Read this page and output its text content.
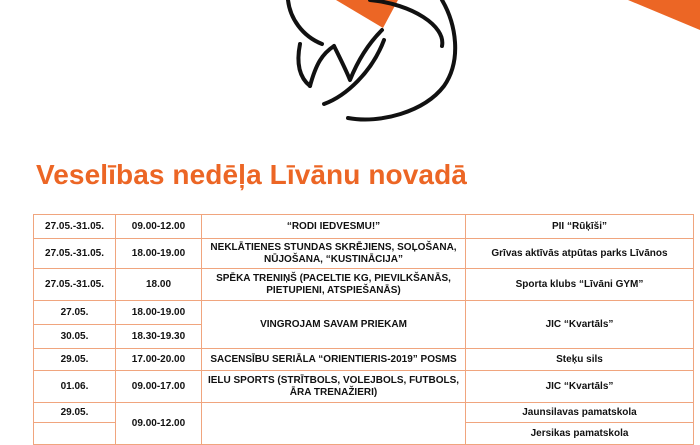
Veselības nedēļa Līvānu novadā
27.05.-31.05.	09.00-12.00	“RODI IEDVESMU!”	PII “Rūķīši”
27.05.-31.05.	18.00-19.00	NEKLĀTIENES STUNDAS SKRĒJIENS, SOĻOŠANA, NŪJOŠANA, “KUSTINĀCIJA”	Grīvas aktīvās atpūtas parks Līvānos
27.05.-31.05.	18.00	SPĒKA TRENIŅŠ (PACELTIE KG, PIEVILKŠANĀS, PIETUPIENI, ATSPIEŠANĀS)	Sporta klubs “Līvāni GYM”
27.05.	18.00-19.00	VINGROJAM SAVAM PRIEKAM	JIC “Kvartāls”
30.05.	18.30-19.30		
29.05.	17.00-20.00	SACENSĪBU SERIĀLA “ORIENTIERIS-2019” POSMS	Steķu sils
01.06.	09.00-17.00	IELU SPORTS (STRĪTBOLS, VOLEJBOLS, FUTBOLS, ĀRA TRENAŽIERI)	JIC “Kvartāls”
29.05.	09.00-12.00		Jaunsilavas pamatskola
			Jersikas pamatskola
